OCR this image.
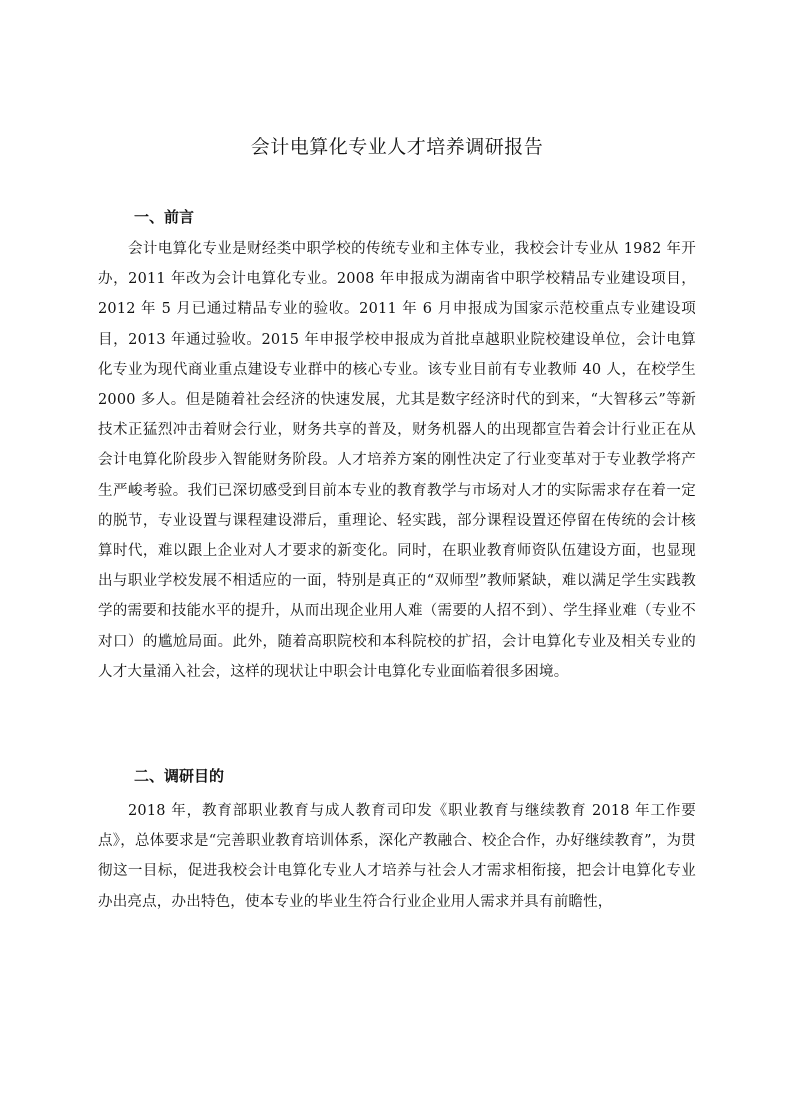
会计电算化专业人才培养调研报告
一、前言

会计电算化专业是财经类中职学校的传统专业和主体专业，我校会计专业从 1982 年开办，2011 年改为会计电算化专业。2008 年申报成为湖南省中职学校精品专业建设项目，2012 年 5 月已通过精品专业的验收。2011 年 6 月申报成为国家示范校重点专业建设项目，2013 年通过验收。2015 年申报学校申报成为首批卓越职业院校建设单位，会计电算化专业为现代商业重点建设专业群中的核心专业。该专业目前有专业教师 40 人，在校学生 2000 多人。但是随着社会经济的快速发展，尤其是数字经济时代的到来，“大智移云”等新技术正猛烈冲击着财会行业，财务共享的普及，财务机器人的出现都宣告着会计行业正在从会计电算化阶段步入智能财务阶段。人才培养方案的刚性决定了行业变革对于专业教学将产生严峻考验。我们已深切感受到目前本专业的教育教学与市场对人才的实际需求存在着一定的脱节，专业设置与课程建设滞后，重理论、轻实践，部分课程设置还停留在传统的会计核算时代，难以跟上企业对人才要求的新变化。同时，在职业教育师资队伍建设方面，也显现出与职业学校发展不相适应的一面，特别是真正的“双师型”教师紧缺，难以满足学生实践教学的需要和技能水平的提升，从而出现企业用人难（需要的人招不到）、学生择业难（专业不对口）的尴尬局面。此外，随着高职院校和本科院校的扩招，会计电算化专业及相关专业的人才大量涌入社会，这样的现状让中职会计电算化专业面临着很多困境。

二、调研目的

2018 年，教育部职业教育与成人教育司印发《职业教育与继续教育 2018 年工作要点》，总体要求是“完善职业教育培训体系，深化产教融合、校企合作，办好继续教育”，为贯彻这一目标，促进我校会计电算化专业人才培养与社会人才需求相衔接，把会计电算化专业办出亮点，办出特色，使本专业的毕业生符合行业企业用人需求并具有前瞻性，
